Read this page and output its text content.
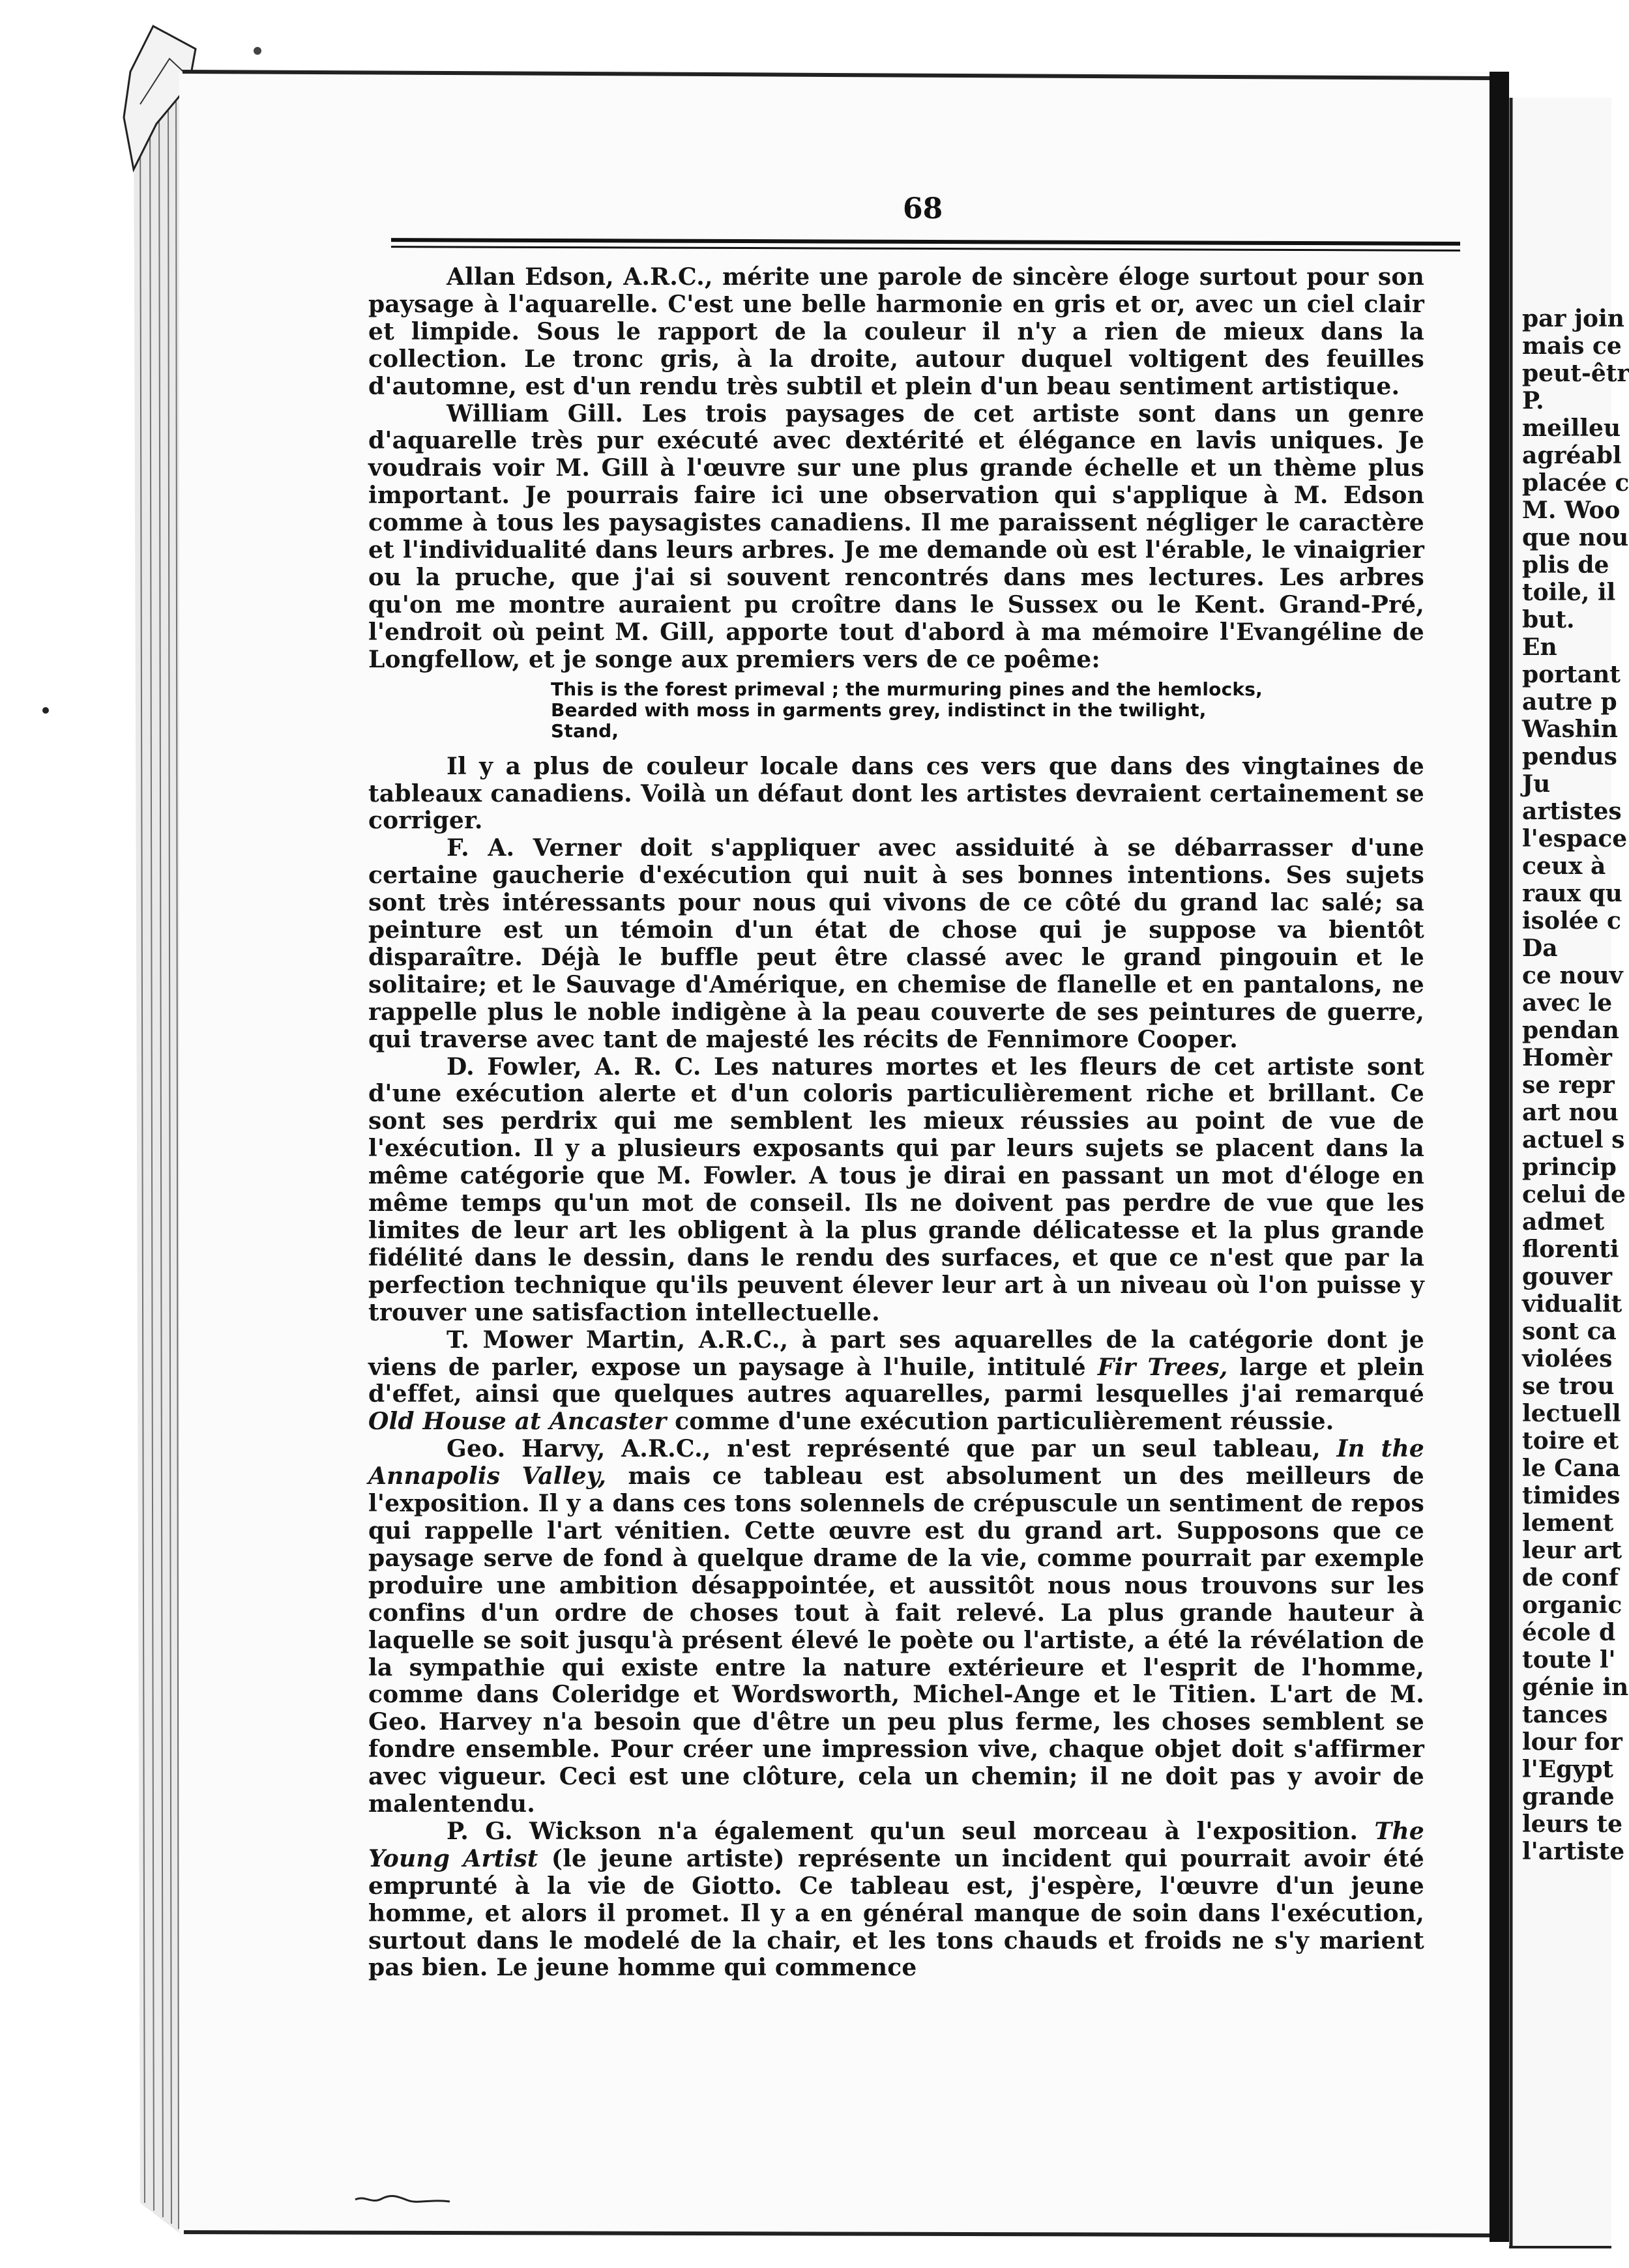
68

Allan Edson, A.R.C., mérite une parole de sincère éloge surtout pour son paysage à l'aquarelle. C'est une belle harmonie en gris et or, avec un ciel clair et limpide. Sous le rapport de la couleur il n'y a rien de mieux dans la collection. Le tronc gris, à la droite, autour duquel voltigent des feuilles d'automne, est d'un rendu très subtil et plein d'un beau sentiment artistique.

William Gill. Les trois paysages de cet artiste sont dans un genre d'aquarelle très pur exécuté avec dextérité et élégance en lavis uniques. Je voudrais voir M. Gill à l'œuvre sur une plus grande échelle et un thème plus important. Je pourrais faire ici une observation qui s'applique à M. Edson comme à tous les paysagistes canadiens. Il me paraissent négliger le caractère et l'individualité dans leurs arbres. Je me demande où est l'érable, le vinaigrier ou la pruche, que j'ai si souvent rencontrés dans mes lectures. Les arbres qu'on me montre auraient pu croître dans le Sussex ou le Kent. Grand-Pré, l'endroit où peint M. Gill, apporte tout d'abord à ma mémoire l'Evangéline de Longfellow, et je songe aux premiers vers de ce poême:

This is the forest primeval ; the murmuring pines and the hemlocks,
Bearded with moss in garments grey, indistinct in the twilight,
Stand,

Il y a plus de couleur locale dans ces vers que dans des vingtaines de tableaux canadiens. Voilà un défaut dont les artistes devraient certainement se corriger.

F. A. Verner doit s'appliquer avec assiduité à se débarrasser d'une certaine gaucherie d'exécution qui nuit à ses bonnes intentions. Ses sujets sont très intéressants pour nous qui vivons de ce côté du grand lac salé; sa peinture est un témoin d'un état de chose qui je suppose va bientôt disparaître. Déjà le buffle peut être classé avec le grand pingouin et le solitaire; et le Sauvage d'Amérique, en chemise de flanelle et en pantalons, ne rappelle plus le noble indigène à la peau couverte de ses peintures de guerre, qui traverse avec tant de majesté les récits de Fennimore Cooper.

D. Fowler, A. R. C. Les natures mortes et les fleurs de cet artiste sont d'une exécution alerte et d'un coloris particulièrement riche et brillant. Ce sont ses perdrix qui me semblent les mieux réussies au point de vue de l'exécution. Il y a plusieurs exposants qui par leurs sujets se placent dans la même catégorie que M. Fowler. A tous je dirai en passant un mot d'éloge en même temps qu'un mot de conseil. Ils ne doivent pas perdre de vue que les limites de leur art les obligent à la plus grande délicatesse et la plus grande fidélité dans le dessin, dans le rendu des surfaces, et que ce n'est que par la perfection technique qu'ils peuvent élever leur art à un niveau où l'on puisse y trouver une satisfaction intellectuelle.

T. Mower Martin, A.R.C., à part ses aquarelles de la catégorie dont je viens de parler, expose un paysage à l'huile, intitulé Fir Trees, large et plein d'effet, ainsi que quelques autres aquarelles, parmi lesquelles j'ai remarqué Old House at Ancaster comme d'une exécution particulièrement réussie.

Geo. Harvy, A.R.C., n'est représenté que par un seul tableau, In the Annapolis Valley, mais ce tableau est absolument un des meilleurs de l'exposition. Il y a dans ces tons solennels de crépuscule un sentiment de repos qui rappelle l'art vénitien. Cette œuvre est du grand art. Supposons que ce paysage serve de fond à quelque drame de la vie, comme pourrait par exemple produire une ambition désappointée, et aussitôt nous nous trouvons sur les confins d'un ordre de choses tout à fait relevé. La plus grande hauteur à laquelle se soit jusqu'à présent élevé le poète ou l'artiste, a été la révélation de la sympathie qui existe entre la nature extérieure et l'esprit de l'homme, comme dans Coleridge et Wordsworth, Michel-Ange et le Titien. L'art de M. Geo. Harvey n'a besoin que d'être un peu plus ferme, les choses semblent se fondre ensemble. Pour créer une impression vive, chaque objet doit s'affirmer avec vigueur. Ceci est une clôture, cela un chemin; il ne doit pas y avoir de malentendu.

P. G. Wickson n'a également qu'un seul morceau à l'exposition. The Young Artist (le jeune artiste) représente un incident qui pourrait avoir été emprunté à la vie de Giotto. Ce tableau est, j'espère, l'œuvre d'un jeune homme, et alors il promet. Il y a en général manque de soin dans l'exécution, surtout dans le modelé de la chair, et les tons chauds et froids ne s'y marient pas bien. Le jeune homme qui commence

par join
mais ce
peut-êtr
P.
meilleu
agréabl
placée c
M. Woo
que nou
plis de
toile, il
but.
En
portant
autre p
Washin
pendus
Ju
artistes
l'espace
ceux à
raux qu
isolée c
Da
ce nouv
avec le
pendan
Homèr
se repr
art nou
actuel s
princip
celui de
admet
florenti
gouver
vidualit
sont ca
violées
se trou
lectuell
toire et
le Cana
timides
lement
leur art
de conf
organic
école d
toute l'
génie in
tances
lour for
l'Egypt
grande
leurs te
l'artiste
